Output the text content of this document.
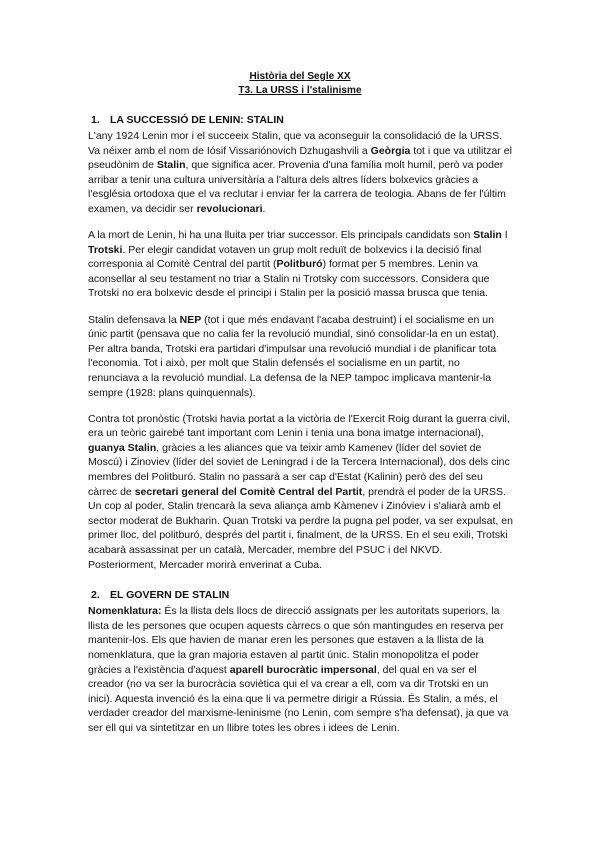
Història del Segle XX
T3. La URSS i l'stalinisme
1. LA SUCCESSIÓ DE LENIN: STALIN

L'any 1924 Lenin mor i el succeeix Stalin, que va aconseguir la consolidació de la URSS. Va néixer amb el nom de Iósif Vissariónovich Dzhugashvili a Geòrgia tot i que va utilitzar el pseudònim de Stalin, que significa acer. Provenia d'una família molt humil, però va poder arribar a tenir una cultura universitària a l'altura dels altres líders bolxevics gràcies a l'església ortodoxa que el va reclutar i enviar fer la carrera de teologia. Abans de fer l'últim examen, va decidir ser revolucionari.

A la mort de Lenin, hi ha una lluita per triar successor. Els principals candidats son Stalin I Trotski. Per elegir candidat votaven un grup molt reduït de bolxevics i la decisió final corresponia al Comitè Central del partit (Politburó) format per 5 membres. Lenin va aconsellar al seu testament no triar a Stalin ni Trotsky com successors. Considera que Trotski no era bolxevic desde el principi i Stalin per la posició massa brusca que tenia.

Stalin defensava la NEP (tot i que més endavant l'acaba destruint) i el socialisme en un únic partit (pensava que no calia fer la revolució mundial, sinó consolidar-la en un estat). Per altra banda, Trotski era partidari d'impulsar una revolució mundial i de planificar tota l'economia. Tot i això, per molt que Stalin defensés el socialisme en un partit, no renunciava a la revolució mundial. La defensa de la NEP tampoc implicava mantenir-la sempre (1928: plans quinquennals).

Contra tot pronòstic (Trotski havia portat a la victòria de l'Exercit Roig durant la guerra civil, era un teòric gairebé tant important com Lenin i tenia una bona imatge internacional), guanya Stalin, gràcies a les aliances que va teixir amb Kamenev (líder del soviet de Moscú) i Zinoviev (líder del soviet de Leningrad i de la Tercera Internacional), dos dels cinc membres del Politburó. Stalin no passarà a ser cap d'Estat (Kalinin) però des del seu càrrec de secretari general del Comitè Central del Partit, prendrà el poder de la URSS. Un cop al poder, Stalin trencarà la seva aliança amb Kàmenev i Zinóviev i s'aliarà amb el sector moderat de Bukharin. Quan Trotski va perdre la pugna pel poder, va ser expulsat, en primer lloc, del politburó, després del partit i, finalment, de la URSS. En el seu exili, Trotski acabarà assassinat per un català, Mercader, membre del PSUC i del NKVD. Posteriorment, Mercader morirà enverinat a Cuba.

2. EL GOVERN DE STALIN

Nomenklatura: És la llista dels llocs de direcció assignats per les autoritats superiors, la llista de les persones que ocupen aquests càrrecs o que són mantingudes en reserva per mantenir-los. Els que havien de manar eren les persones que estaven a la llista de la nomenklatura, que la gran majoria estaven al partit únic. Stalin monopolitza el poder gràcies a l'existència d'aquest aparell burocràtic impersonal, del qual en va ser el creador (no va ser la burocràcia soviètica qui el va crear a ell, com va dir Trotski en un inici). Aquesta invenció és la eina que li va permetre dirigir a Rússia. És Stalin, a més, el verdader creador del marxisme-leninisme (no Lenin, com sempre s'ha defensat), ja que va ser ell qui va sintetitzar en un llibre totes les obres i idees de Lenin.
